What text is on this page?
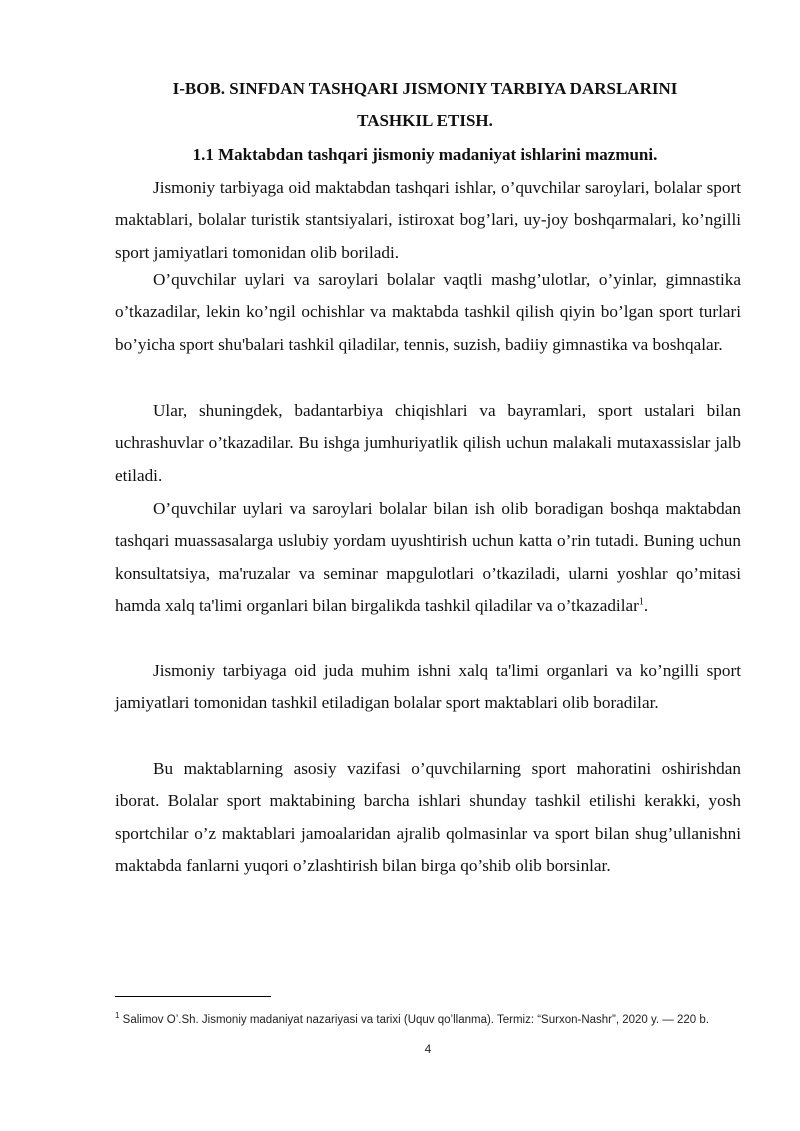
I-BOB. SINFDAN TASHQARI JISMONIY TARBIYA DARSLARINI

TASHKIL ETISH.

1.1 Maktabdan tashqari jismoniy madaniyat ishlarini mazmuni.

Jismoniy tarbiyaga oid maktabdan tashqari ishlar, o’quvchilar saroylari, bolalar sport maktablari, bolalar turistik stantsiyalari, istiroxat bog’lari, uy-joy boshqarmalari, ko’ngilli sport jamiyatlari tomonidan olib boriladi.

O’quvchilar uylari va saroylari bolalar vaqtli mashg’ulotlar, o’yinlar, gimnastika o’tkazadilar, lekin ko’ngil ochishlar va maktabda tashkil qilish qiyin bo’lgan sport turlari bo’yicha sport shu'balari tashkil qiladilar, tennis, suzish, badiiy gimnastika va boshqalar.

Ular, shuningdek, badantarbiya chiqishlari va bayramlari, sport ustalari bilan uchrashuvlar o’tkazadilar. Bu ishga jumhuriyatlik qilish uchun malakali mutaxassislar jalb etiladi.

O’quvchilar uylari va saroylari bolalar bilan ish olib boradigan boshqa maktabdan tashqari muassasalarga uslubiy yordam uyushtirish uchun katta o’rin tutadi. Buning uchun konsultatsiya, ma'ruzalar va seminar mapgulotlari o’tkaziladi, ularni yoshlar qo’mitasi hamda xalq ta'limi organlari bilan birgalikda tashkil qiladilar va o’tkazadilar$^1$.

Jismoniy tarbiyaga oid juda muhim ishni xalq ta'limi organlari va ko’ngilli sport jamiyatlari tomonidan tashkil etiladigan bolalar sport maktablari olib boradilar.

Bu maktablarning asosiy vazifasi o’quvchilarning sport mahoratini oshirishdan iborat. Bolalar sport maktabining barcha ishlari shunday tashkil etilishi kerakki, yosh sportchilar o’z maktablari jamoalaridan ajralib qolmasinlar va sport bilan shug’ullanishni maktabda fanlarni yuqori o’zlashtirish bilan birga qo’shib olib borsinlar.

$^1$ Salimov O’.Sh. Jismoniy madaniyat nazariyasi va tarixi (Uquv qo’llanma). Termiz: “Surxon-Nashr”, 2020 y. — 220 b.

4
